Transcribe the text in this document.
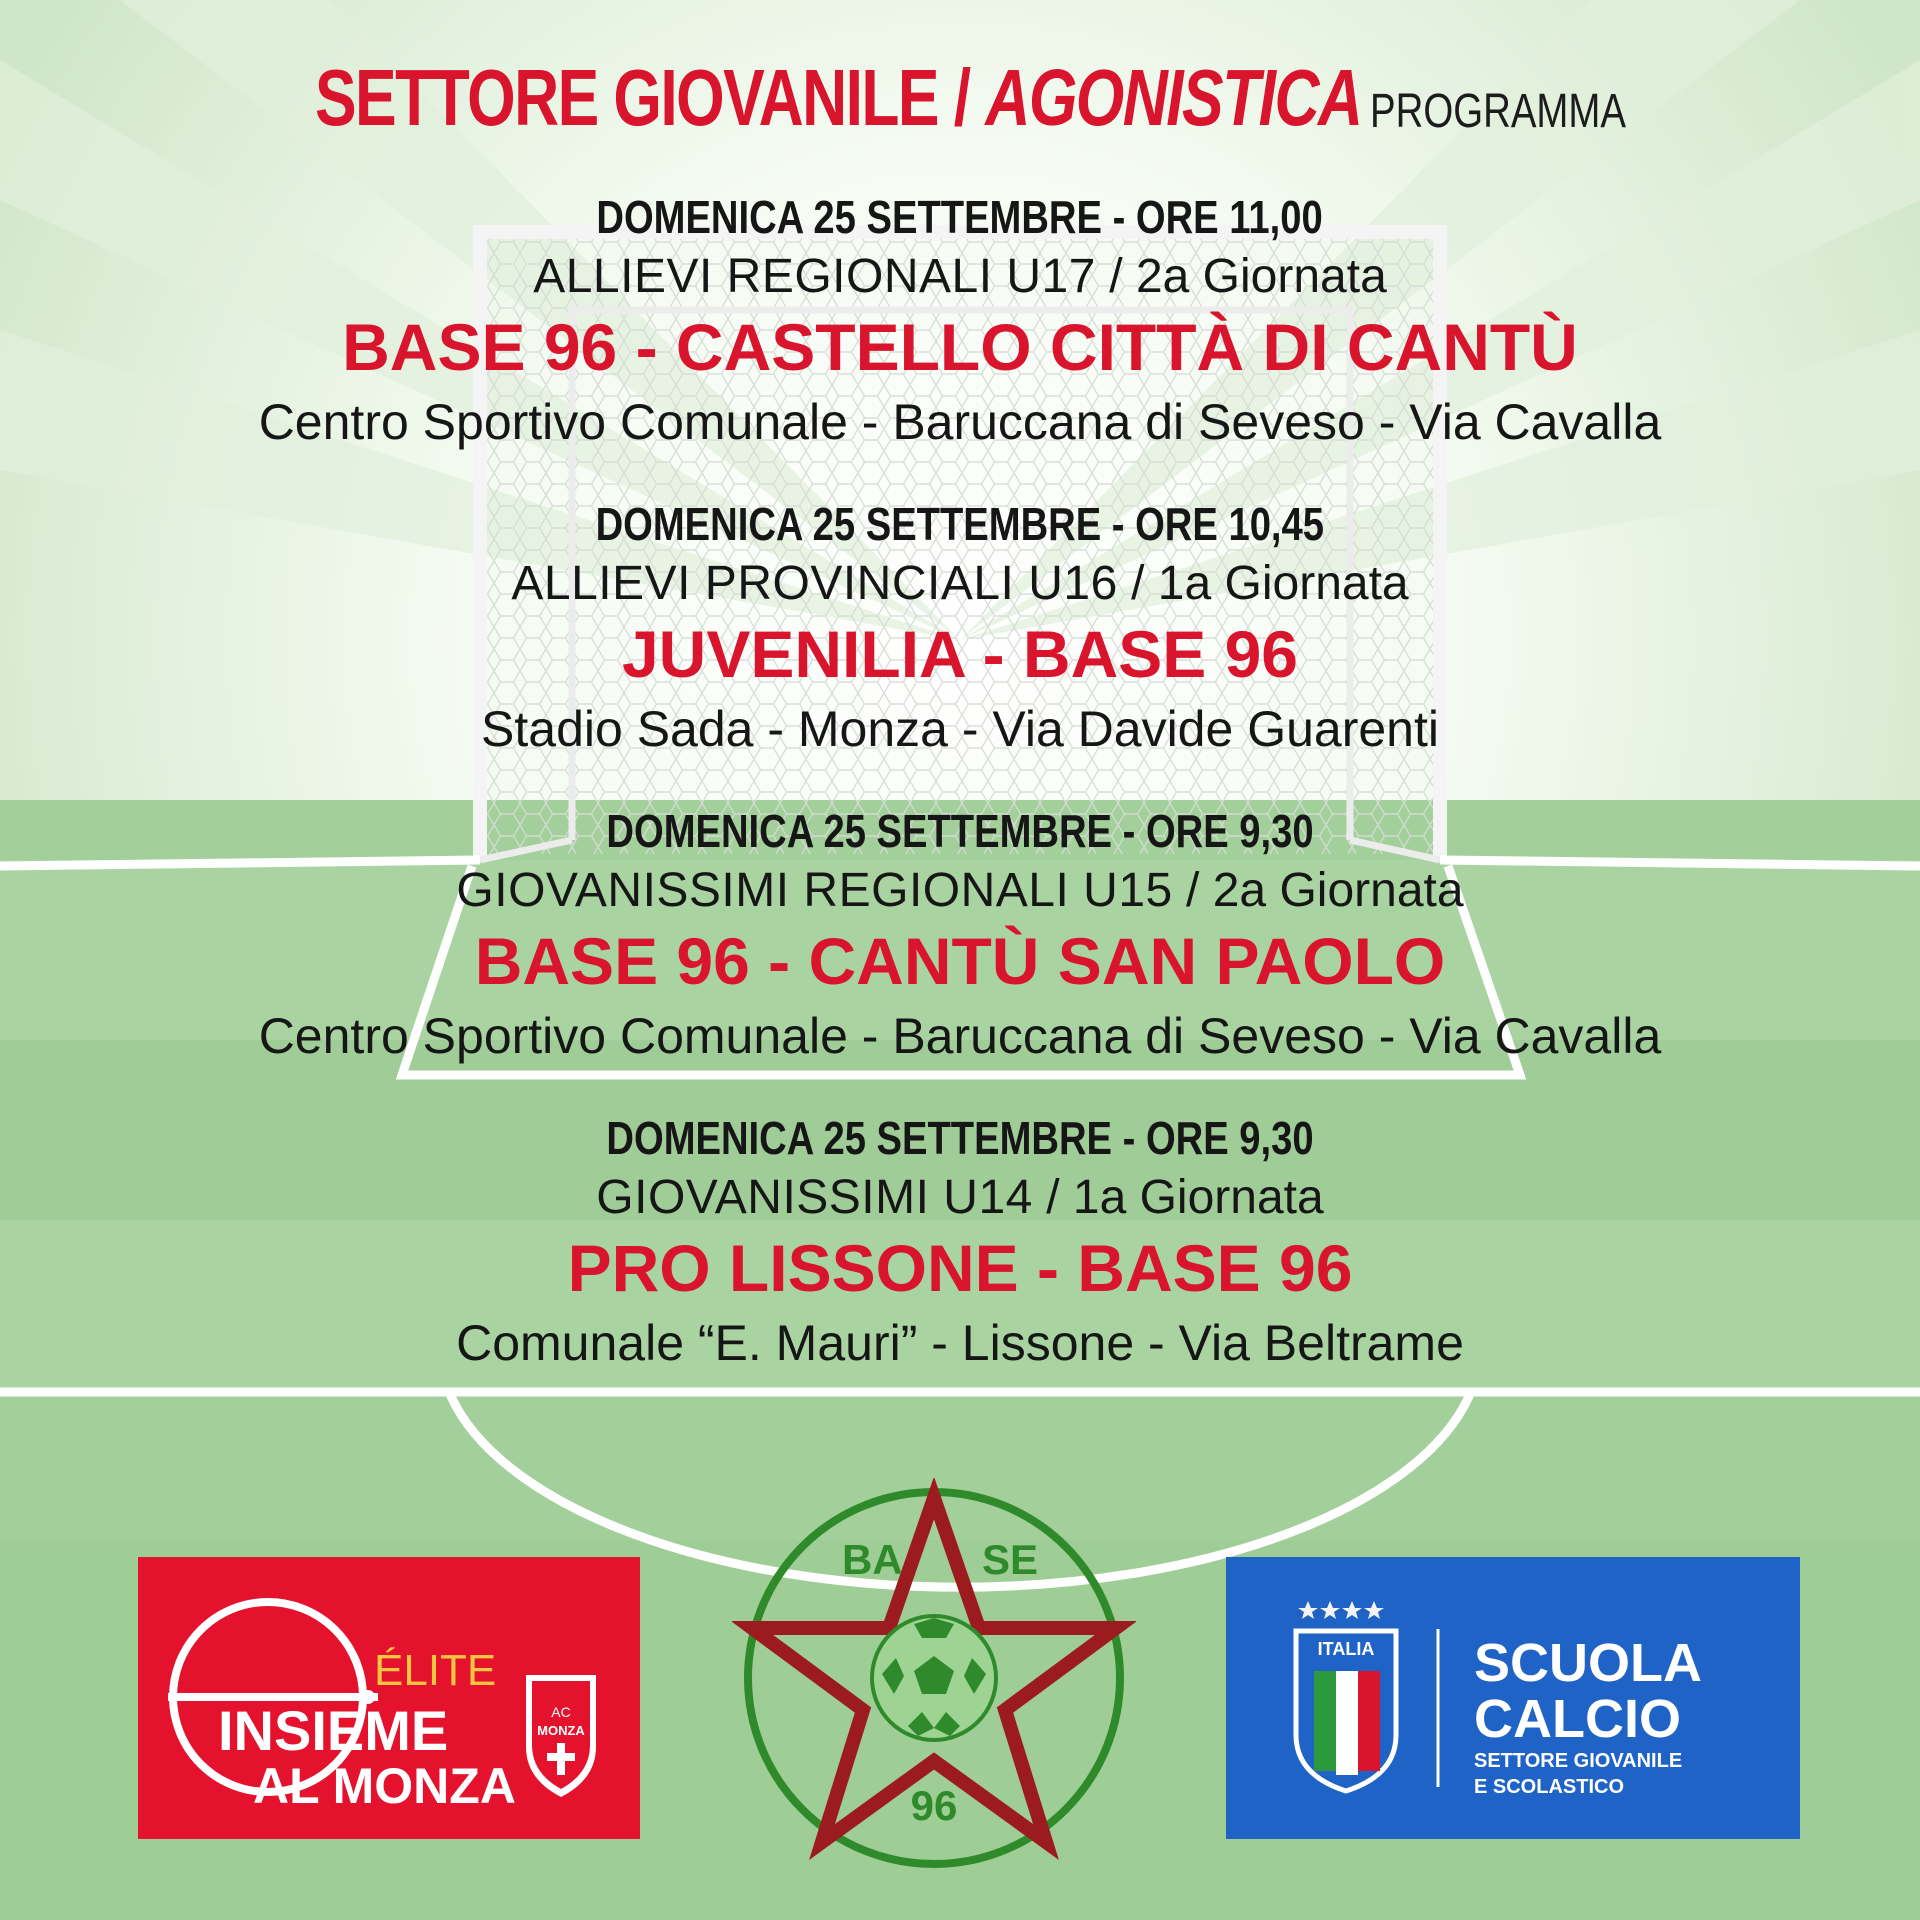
SETTORE GIOVANILE / AGONISTICA PROGRAMMA
DOMENICA 25 SETTEMBRE - ORE 11,00
ALLIEVI REGIONALI U17 / 2a Giornata
BASE 96 - CASTELLO CITTÀ DI CANTÙ
Centro Sportivo Comunale - Baruccana di Seveso - Via Cavalla
DOMENICA 25 SETTEMBRE - ORE 10,45
ALLIEVI PROVINCIALI U16 / 1a Giornata
JUVENILIA - BASE 96
Stadio Sada - Monza - Via Davide Guarenti
DOMENICA 25 SETTEMBRE - ORE 9,30
GIOVANISSIMI REGIONALI U15 / 2a Giornata
BASE 96 - CANTÙ SAN PAOLO
Centro Sportivo Comunale - Baruccana di Seveso - Via Cavalla
DOMENICA 25 SETTEMBRE - ORE 9,30
GIOVANISSIMI U14 / 1a Giornata
PRO LISSONE - BASE 96
Comunale “E. Mauri” - Lissone - Via Beltrame
ÉLITE
INSIEME
AL MONZA
AC
MONZA
BA SE
96
ITALIA SCUOLA
CALCIO
SETTORE GIOVANILE
E SCOLASTICO
